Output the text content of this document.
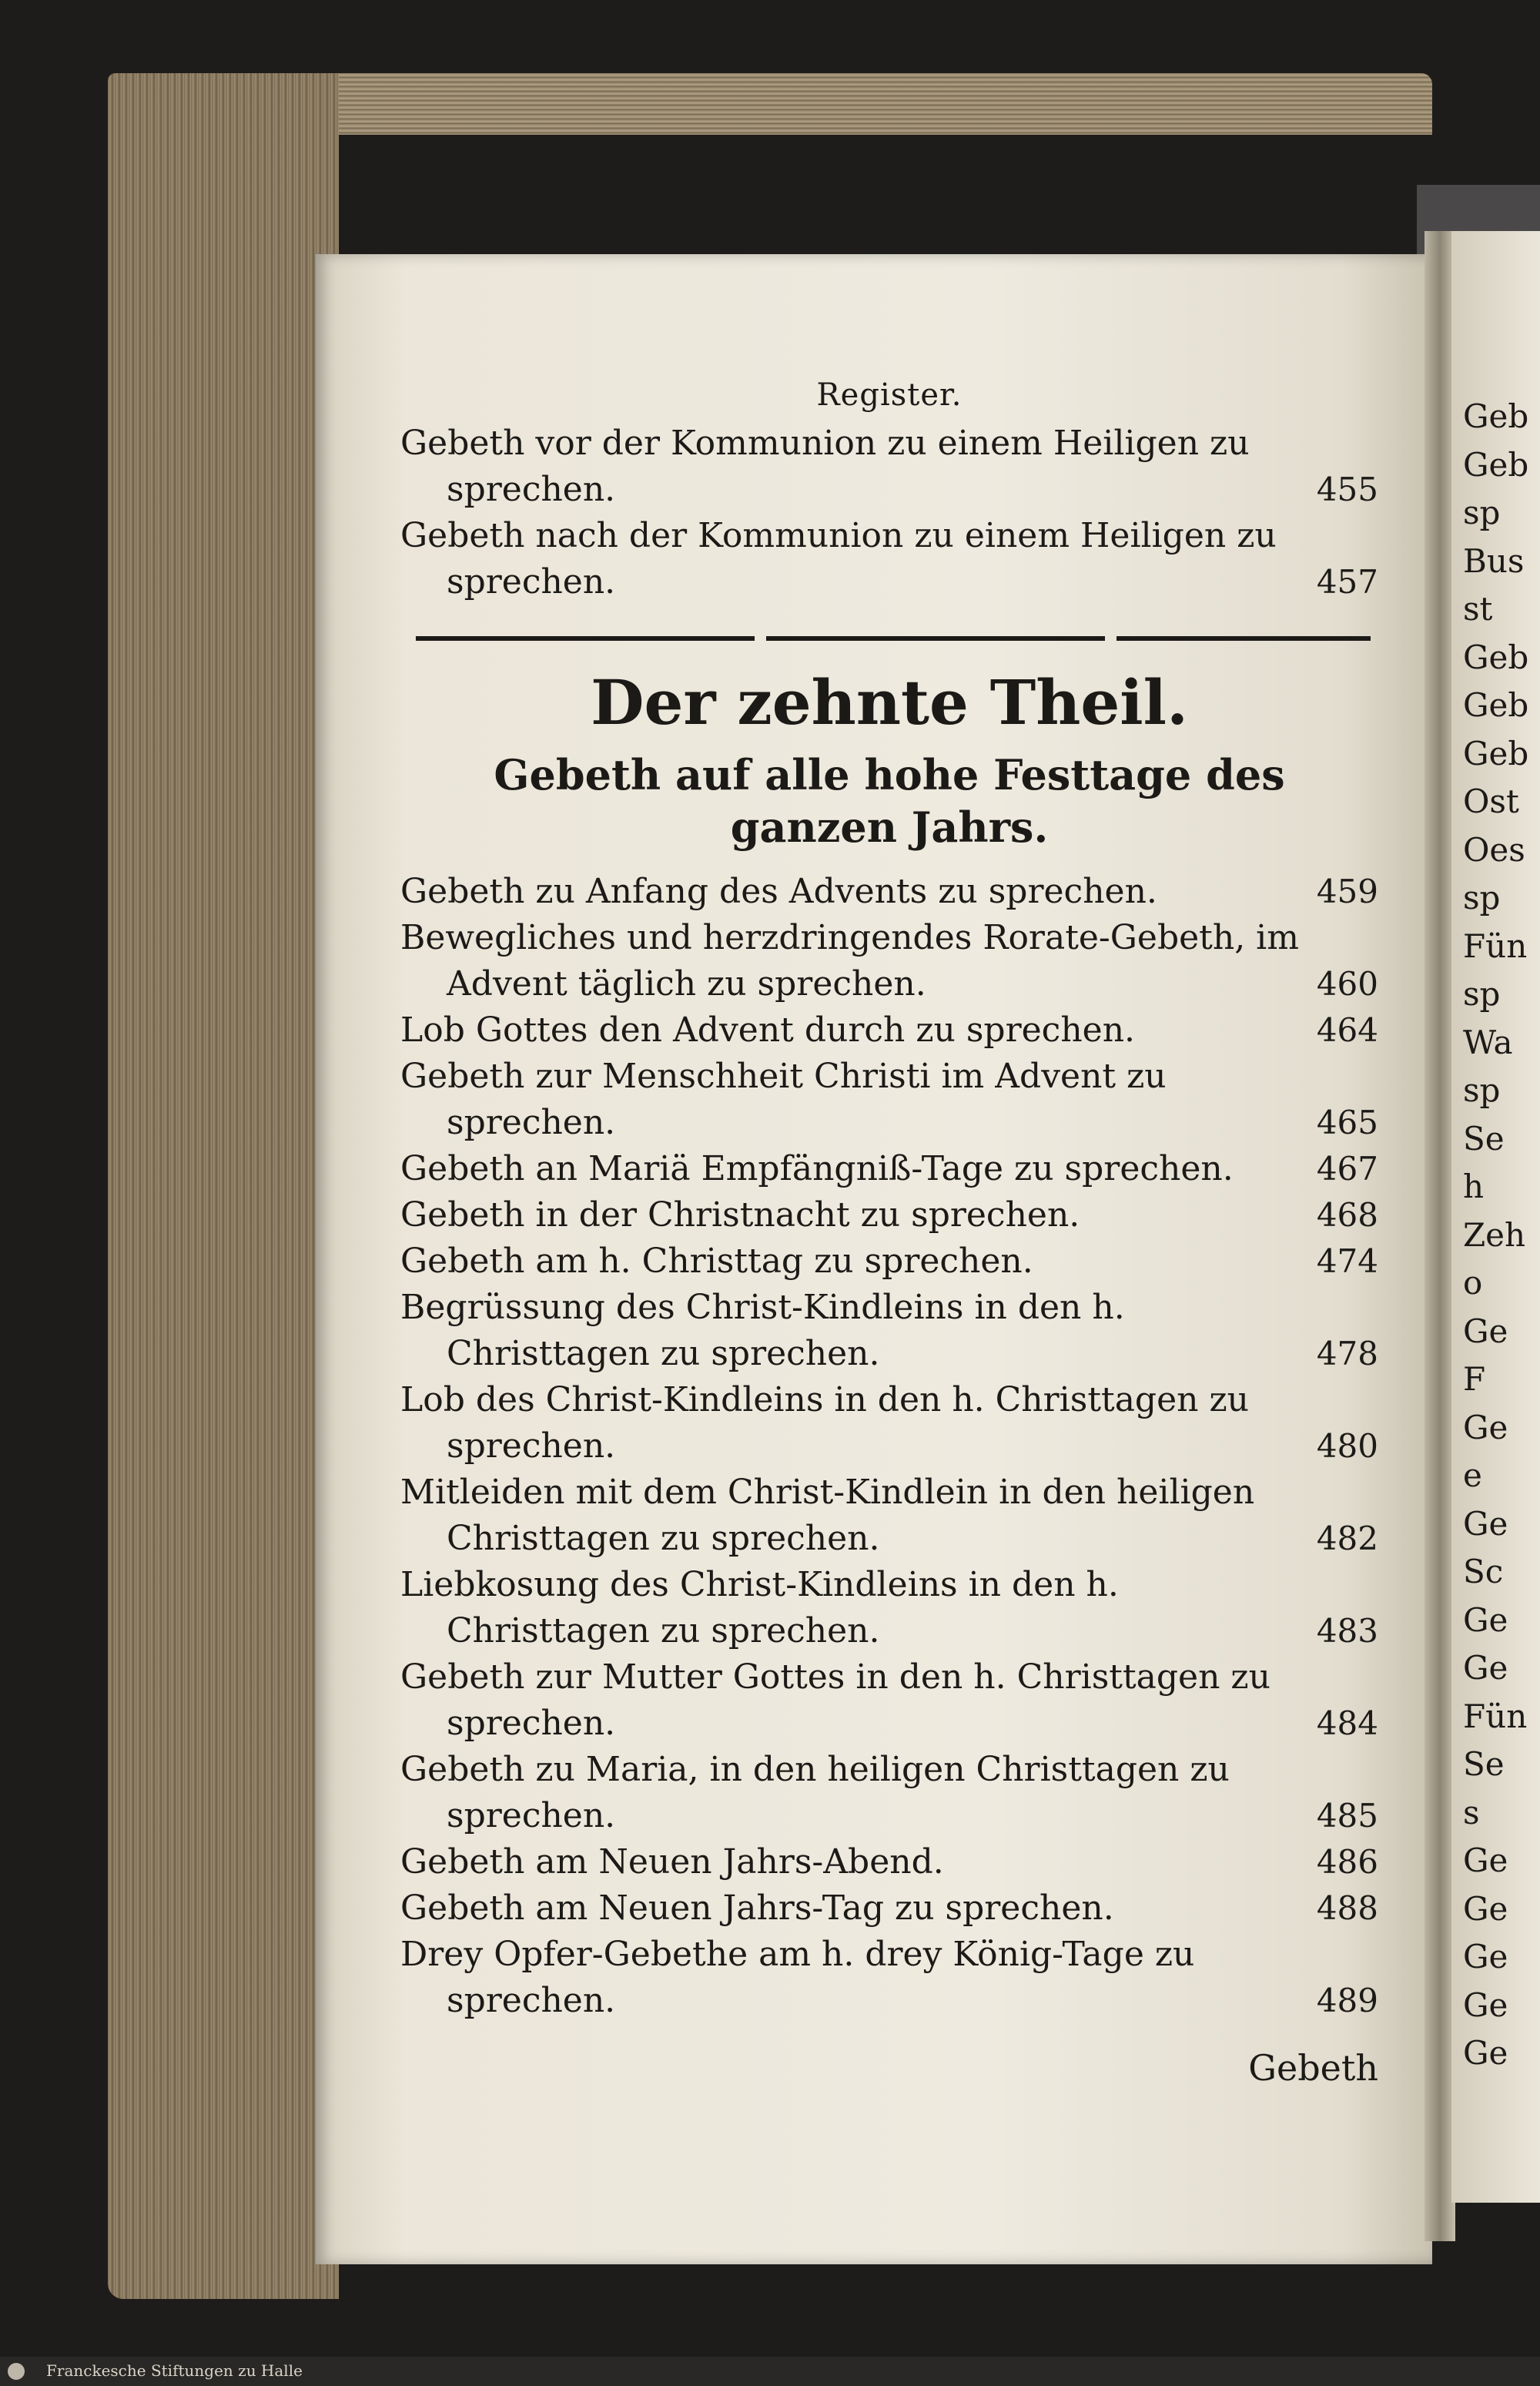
Register.
Gebeth vor der Kommunion zu einem Heiligen zu sprechen.	455
Gebeth nach der Kommunion zu einem Heiligen zu sprechen.	457
Der zehnte Theil.
Gebeth auf alle hohe Festtage des ganzen Jahrs.
Gebeth zu Anfang des Advents zu sprechen.	459
Bewegliches und herzdringendes Rorate-Gebeth, im Advent täglich zu sprechen.	460
Lob Gottes den Advent durch zu sprechen.	464
Gebeth zur Menschheit Christi im Advent zu sprechen.	465
Gebeth an Mariä Empfängniß-Tage zu sprechen.	467
Gebeth in der Christnacht zu sprechen.	468
Gebeth am h. Christtag zu sprechen.	474
Begrüssung des Christ-Kindleins in den h. Christtagen zu sprechen.	478
Lob des Christ-Kindleins in den h. Christtagen zu sprechen.	480
Mitleiden mit dem Christ-Kindlein in den heiligen Christtagen zu sprechen.	482
Liebkosung des Christ-Kindleins in den h. Christtagen zu sprechen.	483
Gebeth zur Mutter Gottes in den h. Christtagen zu sprechen.	484
Gebeth zu Maria, in den heiligen Christtagen zu sprechen.	485
Gebeth am Neuen Jahrs-Abend.	486
Gebeth am Neuen Jahrs-Tag zu sprechen.	488
Drey Opfer-Gebethe am h. drey König-Tage zu sprechen.	489
Gebeth
Geb
Geb
sp
Bus
st
Geb
Geb
Geb
Ost
Oes
sp
Fün
sp
Wa
sp
Se
h
Zeh
o
Ge
F
Ge
e
Ge
Sc
Ge
Ge
Fün
Se
s
Ge
Ge
Ge
Ge
Ge
Franckesche Stiftungen zu Halle
